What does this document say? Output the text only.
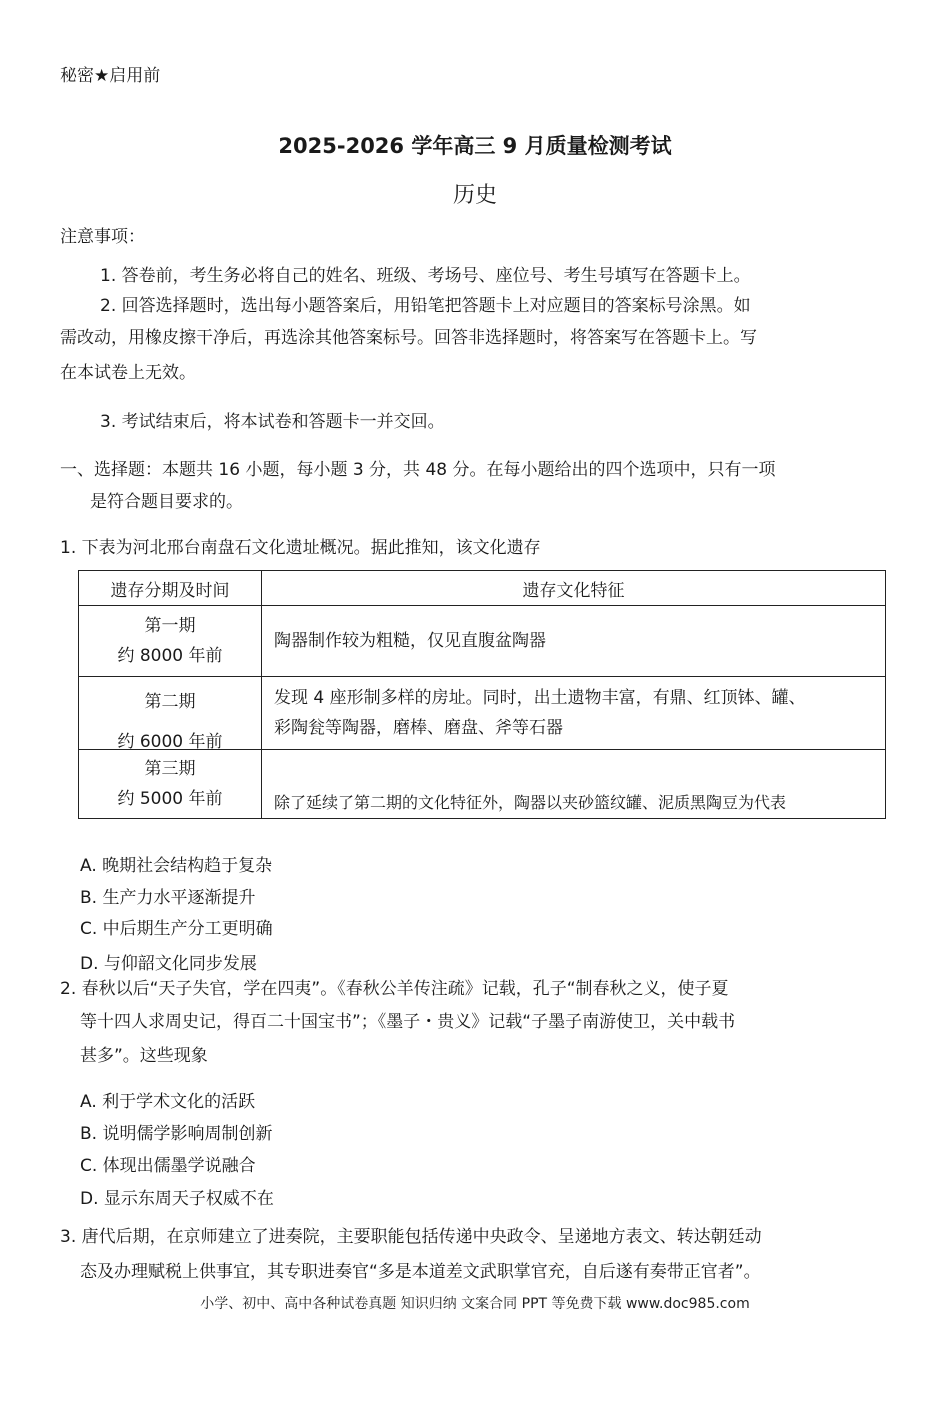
秘密★启用前
2025-2026 学年高三 9 月质量检测考试
历史
注意事项：
1. 答卷前，考生务必将自己的姓名、班级、考场号、座位号、考生号填写在答题卡上。
2. 回答选择题时，选出每小题答案后，用铅笔把答题卡上对应题目的答案标号涂黑。如
需改动，用橡皮擦干净后，再选涂其他答案标号。回答非选择题时，将答案写在答题卡上。写
在本试卷上无效。
3. 考试结束后，将本试卷和答题卡一并交回。
一、选择题：本题共 16 小题，每小题 3 分，共 48 分。在每小题给出的四个选项中，只有一项
是符合题目要求的。
1. 下表为河北邢台南盘石文化遗址概况。据此推知，该文化遗存
遗存分期及时间	遗存文化特征

第一期
约 8000 年前	陶器制作较为粗糙，仅见直腹盆陶器

第二期
约 6000 年前	发现 4 座形制多样的房址。同时，出土遗物丰富，有鼎、红顶钵、罐、
彩陶瓮等陶器，磨棒、磨盘、斧等石器

第三期
约 5000 年前	除了延续了第二期的文化特征外，陶器以夹砂篮纹罐、泥质黑陶豆为代表
A. 晚期社会结构趋于复杂
B. 生产力水平逐渐提升
C. 中后期生产分工更明确
D. 与仰韶文化同步发展
2. 春秋以后“天子失官，学在四夷”。《春秋公羊传注疏》记载，孔子“制春秋之义，使子夏
等十四人求周史记，得百二十国宝书”；《墨子・贵义》记载“子墨子南游使卫，关中载书
甚多”。这些现象
A. 利于学术文化的活跃
B. 说明儒学影响周制创新
C. 体现出儒墨学说融合
D. 显示东周天子权威不在
3. 唐代后期，在京师建立了进奏院，主要职能包括传递中央政令、呈递地方表文、转达朝廷动
态及办理赋税上供事宜，其专职进奏官“多是本道差文武职掌官充，自后遂有奏带正官者”。
小学、初中、高中各种试卷真题 知识归纳 文案合同 PPT 等免费下载 www.doc985.com
